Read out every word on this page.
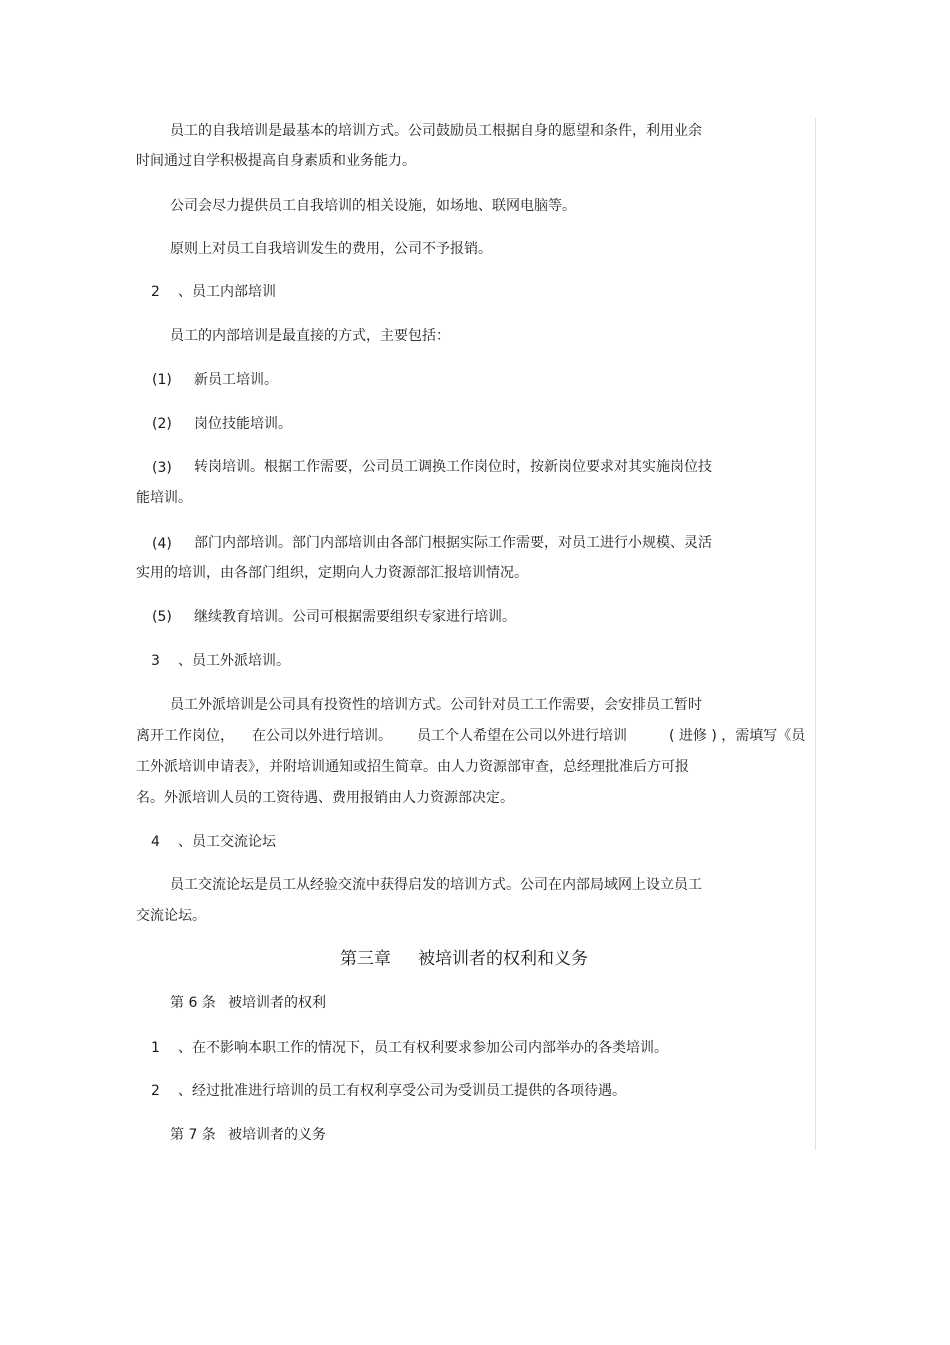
员工的自我培训是最基本的培训方式。公司鼓励员工根据自身的愿望和条件，利用业余
时间通过自学积极提高自身素质和业务能力。
公司会尽力提供员工自我培训的相关设施，如场地、联网电脑等。
原则上对员工自我培训发生的费用，公司不予报销。
2 、员工内部培训
员工的内部培训是最直接的方式，主要包括：
(1) 新员工培训。
(2) 岗位技能培训。
(3) 转岗培训。根据工作需要，公司员工调换工作岗位时，按新岗位要求对其实施岗位技
能培训。
(4) 部门内部培训。部门内部培训由各部门根据实际工作需要，对员工进行小规模、灵活
实用的培训，由各部门组织，定期向人力资源部汇报培训情况。
(5) 继续教育培训。公司可根据需要组织专家进行培训。
3 、员工外派培训。
员工外派培训是公司具有投资性的培训方式。公司针对员工工作需要，会安排员工暂时
离开工作岗位， 在公司以外进行培训。 员工个人希望在公司以外进行培训	( 进修 ) ，需填写《员
工外派培训申请表》，并附培训通知或招生简章。由人力资源部审查，总经理批准后方可报
名。外派培训人员的工资待遇、费用报销由人力资源部决定。
4 、员工交流论坛
员工交流论坛是员工从经验交流中获得启发的培训方式。公司在内部局域网上设立员工
交流论坛。
第三章 被培训者的权利和义务
第 6 条 被培训者的权利
1 、在不影响本职工作的情况下，员工有权利要求参加公司内部举办的各类培训。
2 、经过批准进行培训的员工有权利享受公司为受训员工提供的各项待遇。
第 7 条 被培训者的义务
